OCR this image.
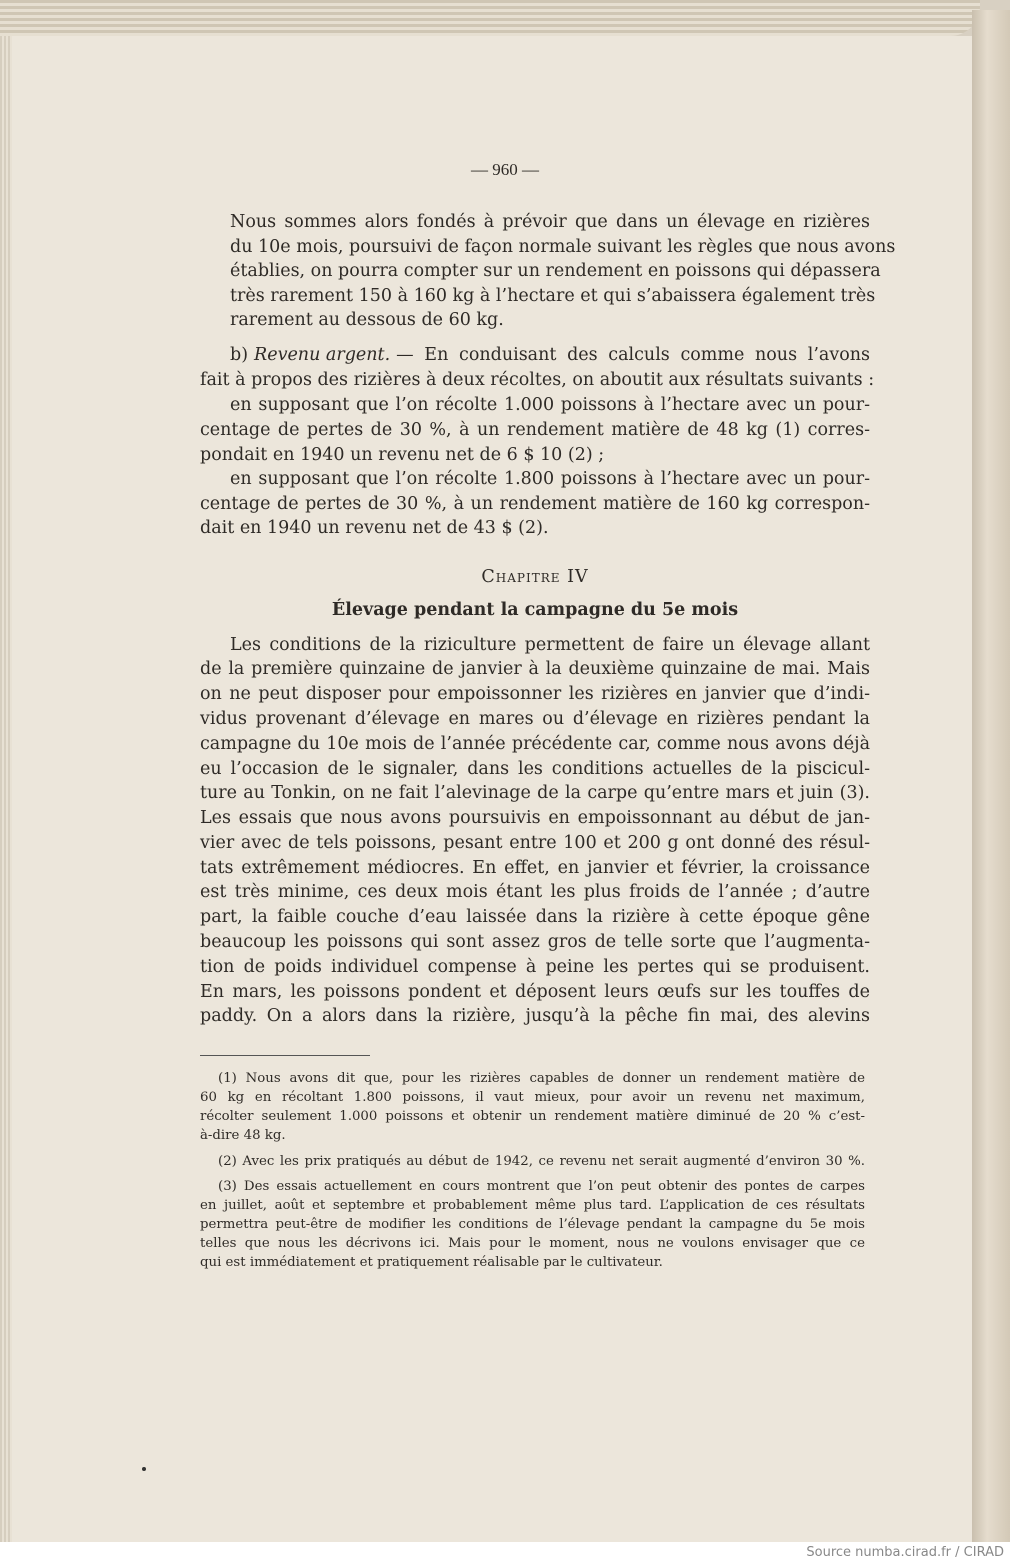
— 960 —
Nous sommes alors fondés à prévoir que dans un élevage en rizières
du 10e mois, poursuivi de façon normale suivant les règles que nous avons
établies, on pourra compter sur un rendement en poissons qui dépassera
très rarement 150 à 160 kg à l’hectare et qui s’abaissera également très
rarement au dessous de 60 kg.
b) Revenu argent. — En conduisant des calculs comme nous l’avons
fait à propos des rizières à deux récoltes, on aboutit aux résultats suivants :
en supposant que l’on récolte 1.000 poissons à l’hectare avec un pour-
centage de pertes de 30 %, à un rendement matière de 48 kg (1) corres-
pondait en 1940 un revenu net de 6 $ 10 (2) ;
en supposant que l’on récolte 1.800 poissons à l’hectare avec un pour-
centage de pertes de 30 %, à un rendement matière de 160 kg correspon-
dait en 1940 un revenu net de 43 $ (2).
Chapitre IV
Élevage pendant la campagne du 5e mois
Les conditions de la riziculture permettent de faire un élevage allant
de la première quinzaine de janvier à la deuxième quinzaine de mai. Mais
on ne peut disposer pour empoissonner les rizières en janvier que d’indi-
vidus provenant d’élevage en mares ou d’élevage en rizières pendant la
campagne du 10e mois de l’année précédente car, comme nous avons déjà
eu l’occasion de le signaler, dans les conditions actuelles de la piscicul-
ture au Tonkin, on ne fait l’alevinage de la carpe qu’entre mars et juin (3).
Les essais que nous avons poursuivis en empoissonnant au début de jan-
vier avec de tels poissons, pesant entre 100 et 200 g ont donné des résul-
tats extrêmement médiocres. En effet, en janvier et février, la croissance
est très minime, ces deux mois étant les plus froids de l’année ; d’autre
part, la faible couche d’eau laissée dans la rizière à cette époque gêne
beaucoup les poissons qui sont assez gros de telle sorte que l’augmenta-
tion de poids individuel compense à peine les pertes qui se produisent.
En mars, les poissons pondent et déposent leurs œufs sur les touffes de
paddy. On a alors dans la rizière, jusqu’à la pêche fin mai, des alevins
(1) Nous avons dit que, pour les rizières capables de donner un rendement matière de
60 kg en récoltant 1.800 poissons, il vaut mieux, pour avoir un revenu net maximum,
récolter seulement 1.000 poissons et obtenir un rendement matière diminué de 20 % c’est-
à-dire 48 kg.
(2) Avec les prix pratiqués au début de 1942, ce revenu net serait augmenté d’environ 30 %.
(3) Des essais actuellement en cours montrent que l’on peut obtenir des pontes de carpes
en juillet, août et septembre et probablement même plus tard. L’application de ces résultats
permettra peut-être de modifier les conditions de l’élevage pendant la campagne du 5e mois
telles que nous les décrivons ici. Mais pour le moment, nous ne voulons envisager que ce
qui est immédiatement et pratiquement réalisable par le cultivateur.
Source numba.cirad.fr / CIRAD
